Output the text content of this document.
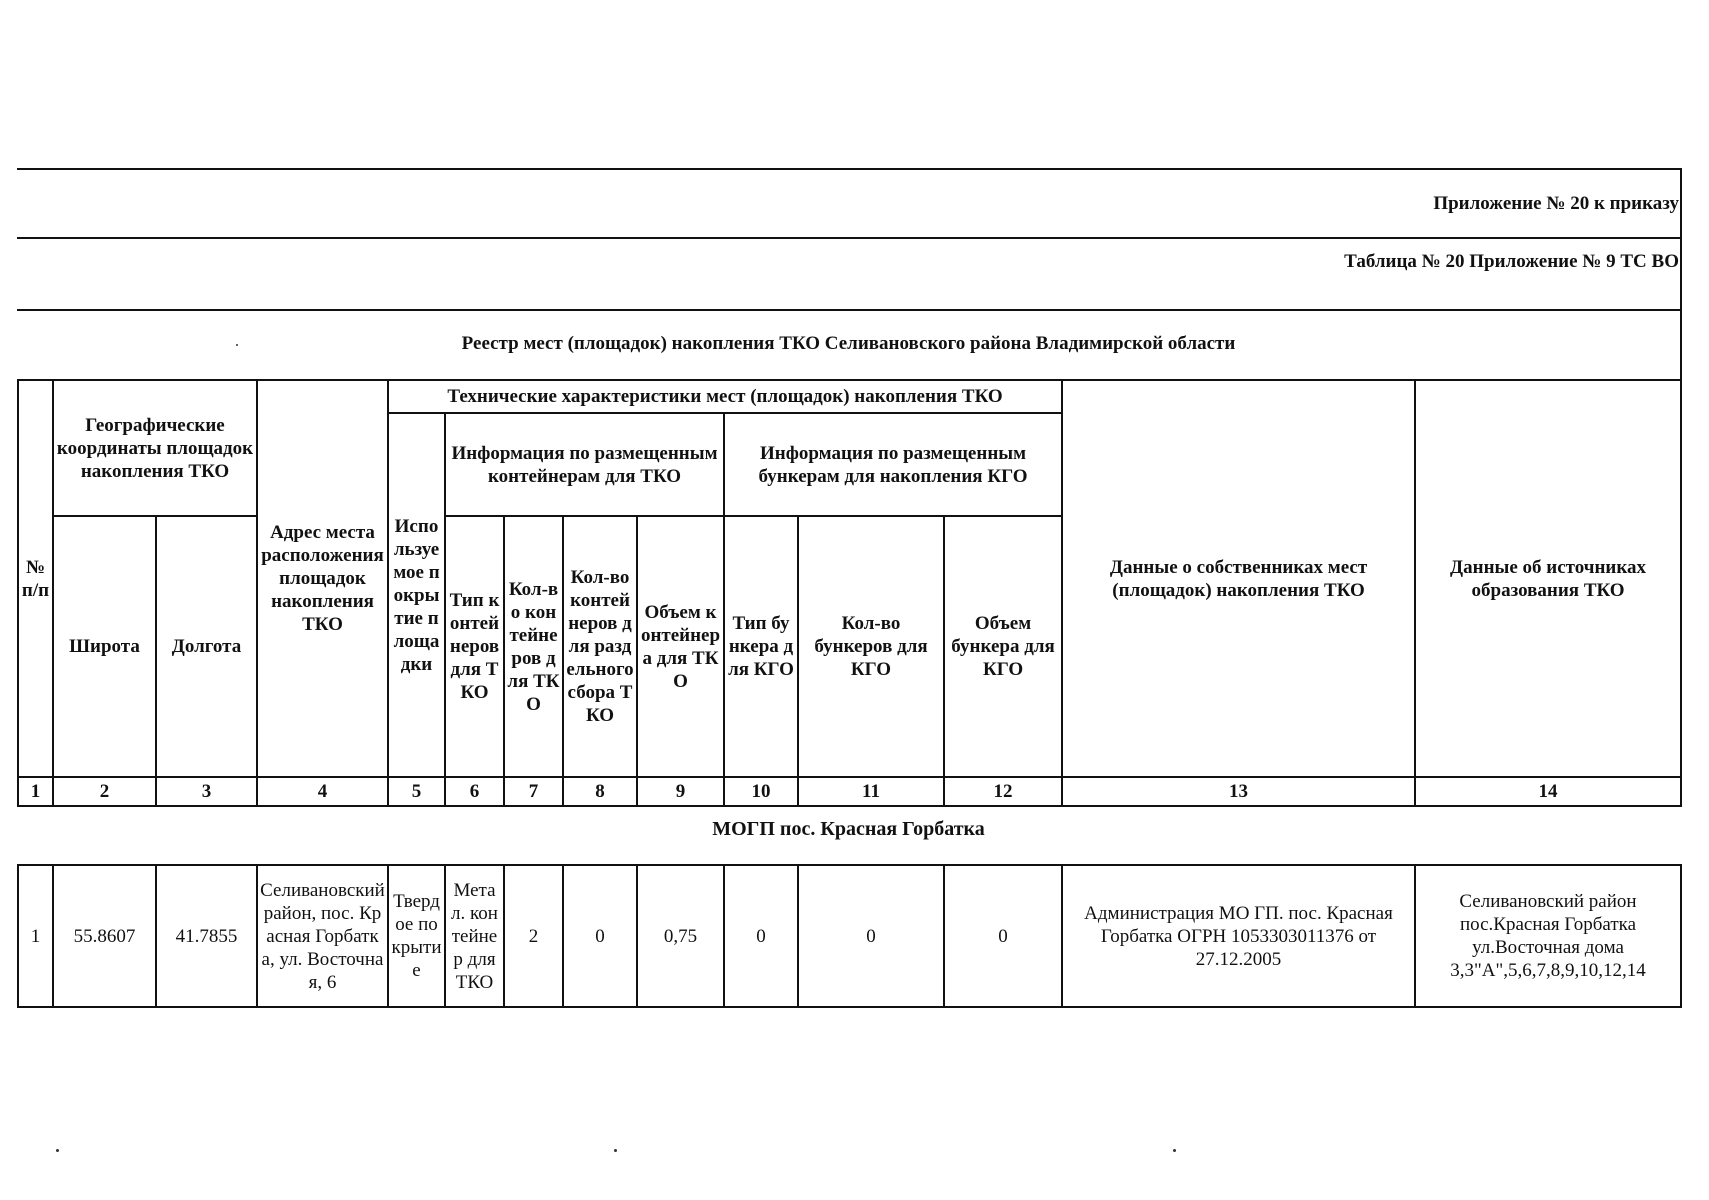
Приложение № 20 к приказу
Таблица № 20 Приложение № 9 ТС ВО
Реестр мест (площадок) накопления ТКО Селивановского района Владимирской области
№ п/п	Географические координаты площадок накопления ТКО		Адрес места расположения площадок накопления ТКО	Технические характеристики мест (площадок) накопления ТКО								Данные о собственниках мест (площадок) накопления ТКО	Данные об источниках образования ТКО
				Используемое покрытие площадки	Информация по размещенным контейнерам для ТКО				Информация по размещенным бункерам для накопления КГО				
	Широта	Долгота			Тип контейнеров для ТКО	Кол-во контейнеров для ТКО	Кол-во контейнеров для раздельного сбора ТКО	Объем контейнера для ТКО	Тип бункера для КГО	Кол-во бункеров для КГО	Объем бункера для КГО		
1	2	3	4	5	6	7	8	9	10	11	12	13	14
МОГП пос. Красная Горбатка
1	55.8607	41.7855	Селивановский район, пос. Красная Горбатка, ул. Восточная, 6	Твердое покрытие	Метал. контейнер для ТКО	2	0	0,75	0	0	0	Администрация МО ГП. пос. Красная Горбатка ОГРН 1053303011376 от 27.12.2005	Селивановский район пос.Красная Горбатка ул.Восточная дома 3,3"А",5,6,7,8,9,10,12,14
